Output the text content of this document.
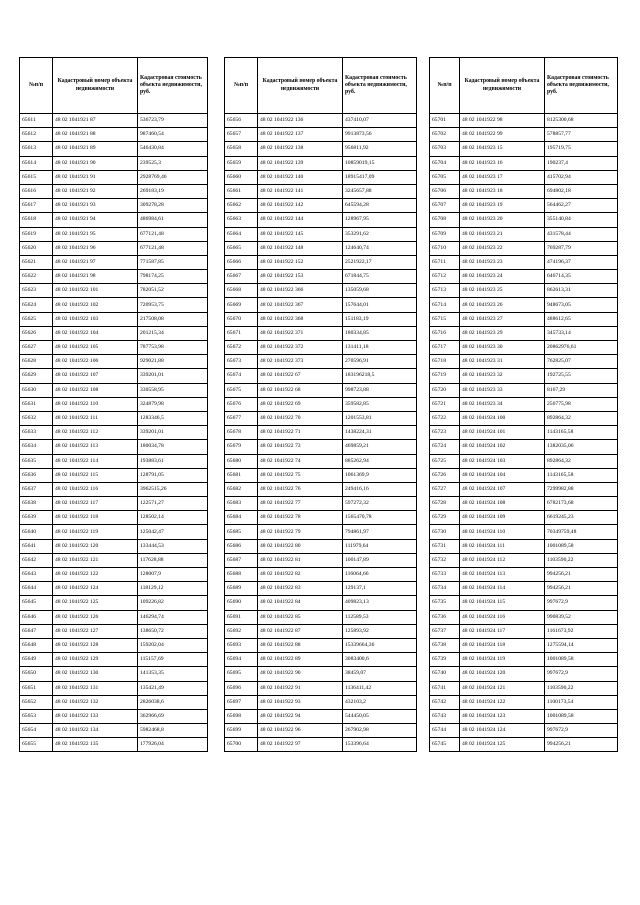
№п/п	Кадастровый номер объекта недвижимости	Кадастровая стоимость объекта недвижимости, руб.
65611	48 02 1041921 87	536723,79
65612	48 02 1041921 88	987460,54
65613	48 02 1041921 89	546430,84
65614	48 02 1041921 90	239525,3
65615	48 02 1041921 91	2928769,46
65616	48 02 1041921 92	269183,19
65617	48 02 1041921 93	309278,28
65618	48 02 1041921 94	486984,61
65619	48 02 1041921 95	677121,48
65620	48 02 1041921 96	677121,48
65621	48 02 1041921 97	771587,85
65622	48 02 1041921 98	798174,25
65623	48 02 1041922 101	782051,52
65624	48 02 1041922 102	720953,75
65625	48 02 1041922 103	217508,08
65626	48 02 1041922 104	201215,34
65627	48 02 1041922 105	787753,98
65628	48 02 1041922 106	929021,88
65629	48 02 1041922 107	339201,01
65630	48 02 1041922 108	330558,95
65631	48 02 1041922 110	324879,98
65632	48 02 1041922 111	1283346,5
65633	48 02 1041922 112	339201,01
65634	48 02 1041922 113	180034,78
65635	48 02 1041922 114	193883,61
65636	48 02 1041922 115	128791,05
65637	48 02 1041922 116	3962515,26
65638	48 02 1041922 117	122571,27
65639	48 02 1041922 118	128502,14
65640	48 02 1041922 119	125042,47
65641	48 02 1041922 120	133444,53
65642	48 02 1041922 121	117628,88
65643	48 02 1041922 122	128007,9
65644	48 02 1041922 124	118129,12
65645	48 02 1041922 125	109226,82
65646	48 02 1041922 126	146294,74
65647	48 02 1041922 127	138650,72
65648	48 02 1041922 128	159202,04
65649	48 02 1041922 129	115157,69
65650	48 02 1041922 130	141353,35
65651	48 02 1041922 131	135421,49
65652	48 02 1041922 132	2826038,6
65653	48 02 1041922 133	362966,69
65654	48 02 1041922 134	5982468,8
65655	48 02 1041922 135	177926,04
№п/п	Кадастровый номер объекта недвижимости	Кадастровая стоимость объекта недвижимости, руб.
65656	48 02 1041922 136	437410,07
65657	48 02 1041922 137	9913873,56
65658	48 02 1041922 138	956811,92
65659	48 02 1041922 139	10859019,15
65660	48 02 1041922 140	18915417,09
65661	48 02 1041922 141	3245657,88
65662	48 02 1041922 142	645594,28
65663	48 02 1041922 144	128967,95
65664	48 02 1041922 145	353291,62
65665	48 02 1041922 148	124640,74
65666	48 02 1041922 152	2521922,17
65667	48 02 1041922 153	671844,75
65668	48 02 1041922 366	135059,68
65669	48 02 1041922 367	157644,01
65670	48 02 1041922 368	151183,19
65671	48 02 1041922 371	180334,85
65672	48 02 1041922 372	131411,18
65673	48 02 1041922 373	270596,91
65674	48 02 1041922 67	183196218,5
65675	48 02 1041922 68	998723,88
65676	48 02 1041922 69	359582,85
65677	48 02 1041922 70	1201553,81
65678	48 02 1041922 71	1438224,31
65679	48 02 1041922 73	469859,21
65680	48 02 1041922 74	885262,94
65681	48 02 1041922 75	1061369,9
65682	48 02 1041922 76	249416,16
65683	48 02 1041922 77	597272,32
65684	48 02 1041922 78	1565470,78
65685	48 02 1041922 79	794861,97
65686	48 02 1041922 80	111979,64
65687	48 02 1041922 81	100147,89
65688	48 02 1041922 82	116064,66
65689	48 02 1041922 83	129137,1
65690	48 02 1041922 84	409823,13
65691	48 02 1041922 85	112589,53
65692	48 02 1041922 87	125893,92
65693	48 02 1041922 88	15339664,36
65694	48 02 1041922 89	3083400,6
65695	48 02 1041922 90	38459,07
65696	48 02 1041922 91	1136411,42
65697	48 02 1041922 93	432103,2
65698	48 02 1041922 94	544450,05
65699	48 02 1041922 96	267902,98
65700	48 02 1041922 97	153396,64
№п/п	Кадастровый номер объекта недвижимости	Кадастровая стоимость объекта недвижимости, руб.
65701	48 02 1041922 98	8125300,68
65702	48 02 1041922 99	578857,77
65703	48 02 1041923 15	195719,75
65704	48 02 1041923 16	190237,4
65705	48 02 1041923 17	415702,94
65706	48 02 1041923 18	694802,18
65707	48 02 1041923 19	564462,27
65708	48 02 1041923 20	355140,84
65709	48 02 1041923 21	431578,44
65710	48 02 1041923 22	769287,79
65711	48 02 1041923 23	474196,37
65712	48 02 1041923 24	646714,35
65713	48 02 1041923 25	862613,31
65714	48 02 1041923 26	948673,05
65715	48 02 1041923 27	488612,65
65716	48 02 1041923 29	345733,14
65717	48 02 1041923 30	20862976,61
65718	48 02 1041923 31	762825,07
65719	48 02 1041923 32	192725,55
65720	48 02 1041923 33	8167,29
65721	48 02 1041923 34	256775,98
65722	48 02 1041924 100	892864,32
65723	48 02 1041924 101	1143165,58
65724	48 02 1041924 102	1382035,06
65725	48 02 1041924 103	892864,32
65726	48 02 1041924 104	1143165,58
65727	48 02 1041924 107	7299982,88
65728	48 02 1041924 108	6782173,68
65729	48 02 1041924 109	6619245,23
65730	48 02 1041924 110	70349759,48
65731	48 02 1041924 111	1001089,58
65732	48 02 1041924 112	1103590,22
65733	48 02 1041924 113	994256,21
65734	48 02 1041924 114	994256,21
65735	48 02 1041924 115	997672,9
65736	48 02 1041924 116	990839,52
65737	48 02 1041924 117	1161673,92
65738	48 02 1041924 118	1275594,14
65739	48 02 1041924 119	1001089,58
65740	48 02 1041924 120	997672,9
65741	48 02 1041924 121	1103590,22
65742	48 02 1041924 122	1100173,54
65743	48 02 1041924 123	1001089,58
65744	48 02 1041924 124	997672,9
65745	48 02 1041924 125	994256,21
